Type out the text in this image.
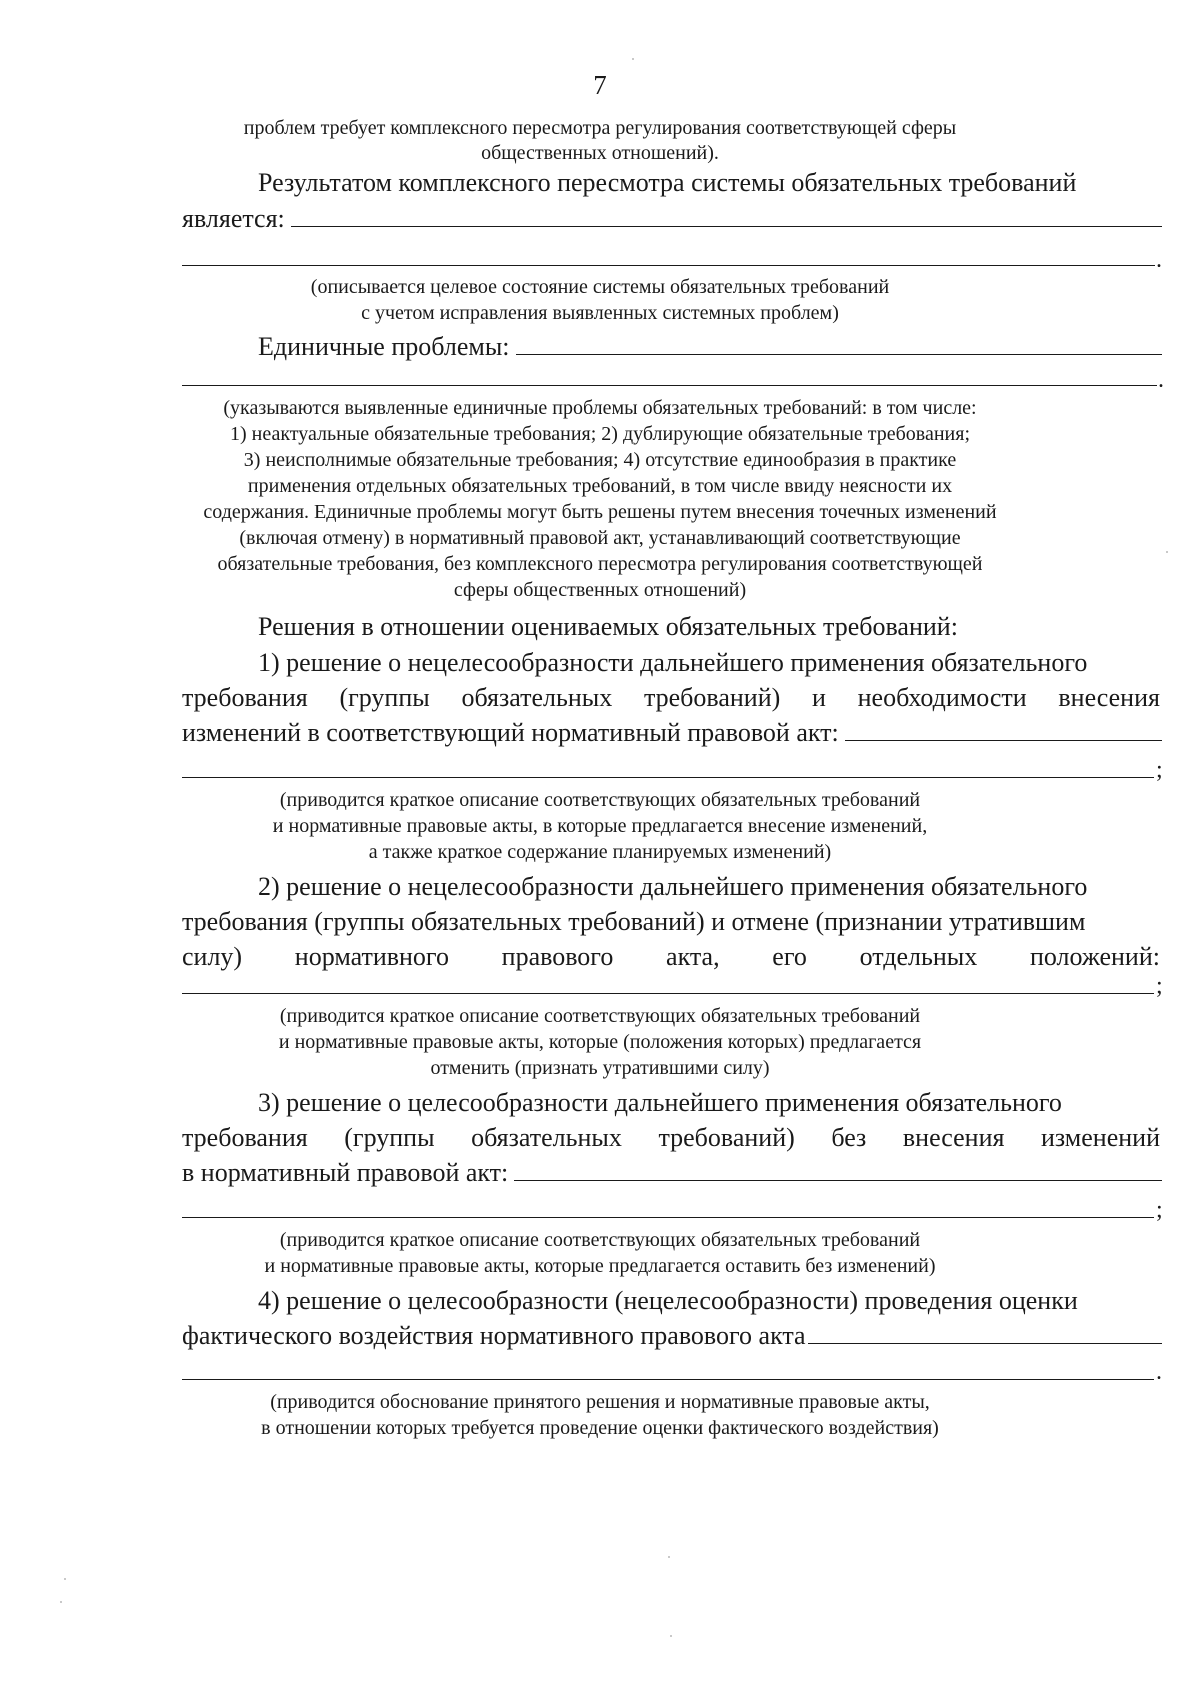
7
проблем требует комплексного пересмотра регулирования соответствующей сферы
общественных отношений).
Результатом комплексного пересмотра системы обязательных требований
является:
.
(описывается целевое состояние системы обязательных требований
с учетом исправления выявленных системных проблем)
Единичные проблемы:
.
(указываются выявленные единичные проблемы обязательных требований: в том числе:
1) неактуальные обязательные требования; 2) дублирующие обязательные требования;
3) неисполнимые обязательные требования; 4) отсутствие единообразия в практике
применения отдельных обязательных требований, в том числе ввиду неясности их
содержания. Единичные проблемы могут быть решены путем внесения точечных изменений
(включая отмену) в нормативный правовой акт, устанавливающий соответствующие
обязательные требования, без комплексного пересмотра регулирования соответствующей
сферы общественных отношений)
Решения в отношении оцениваемых обязательных требований:
1) решение о нецелесообразности дальнейшего применения обязательного
требования (группы обязательных требований) и необходимости внесения
изменений в соответствующий нормативный правовой акт:
;
(приводится краткое описание соответствующих обязательных требований
и нормативные правовые акты, в которые предлагается внесение изменений,
а также краткое содержание планируемых изменений)
2) решение о нецелесообразности дальнейшего применения обязательного
требования (группы обязательных требований) и отмене (признании утратившим
силу) нормативного правового акта, его отдельных положений:
;
(приводится краткое описание соответствующих обязательных требований
и нормативные правовые акты, которые (положения которых) предлагается
отменить (признать утратившими силу)
3) решение о целесообразности дальнейшего применения обязательного
требования (группы обязательных требований) без внесения изменений
в нормативный правовой акт:
;
(приводится краткое описание соответствующих обязательных требований
и нормативные правовые акты, которые предлагается оставить без изменений)
4) решение о целесообразности (нецелесообразности) проведения оценки
фактического воздействия нормативного правового акта
.
(приводится обоснование принятого решения и нормативные правовые акты,
в отношении которых требуется проведение оценки фактического воздействия)
